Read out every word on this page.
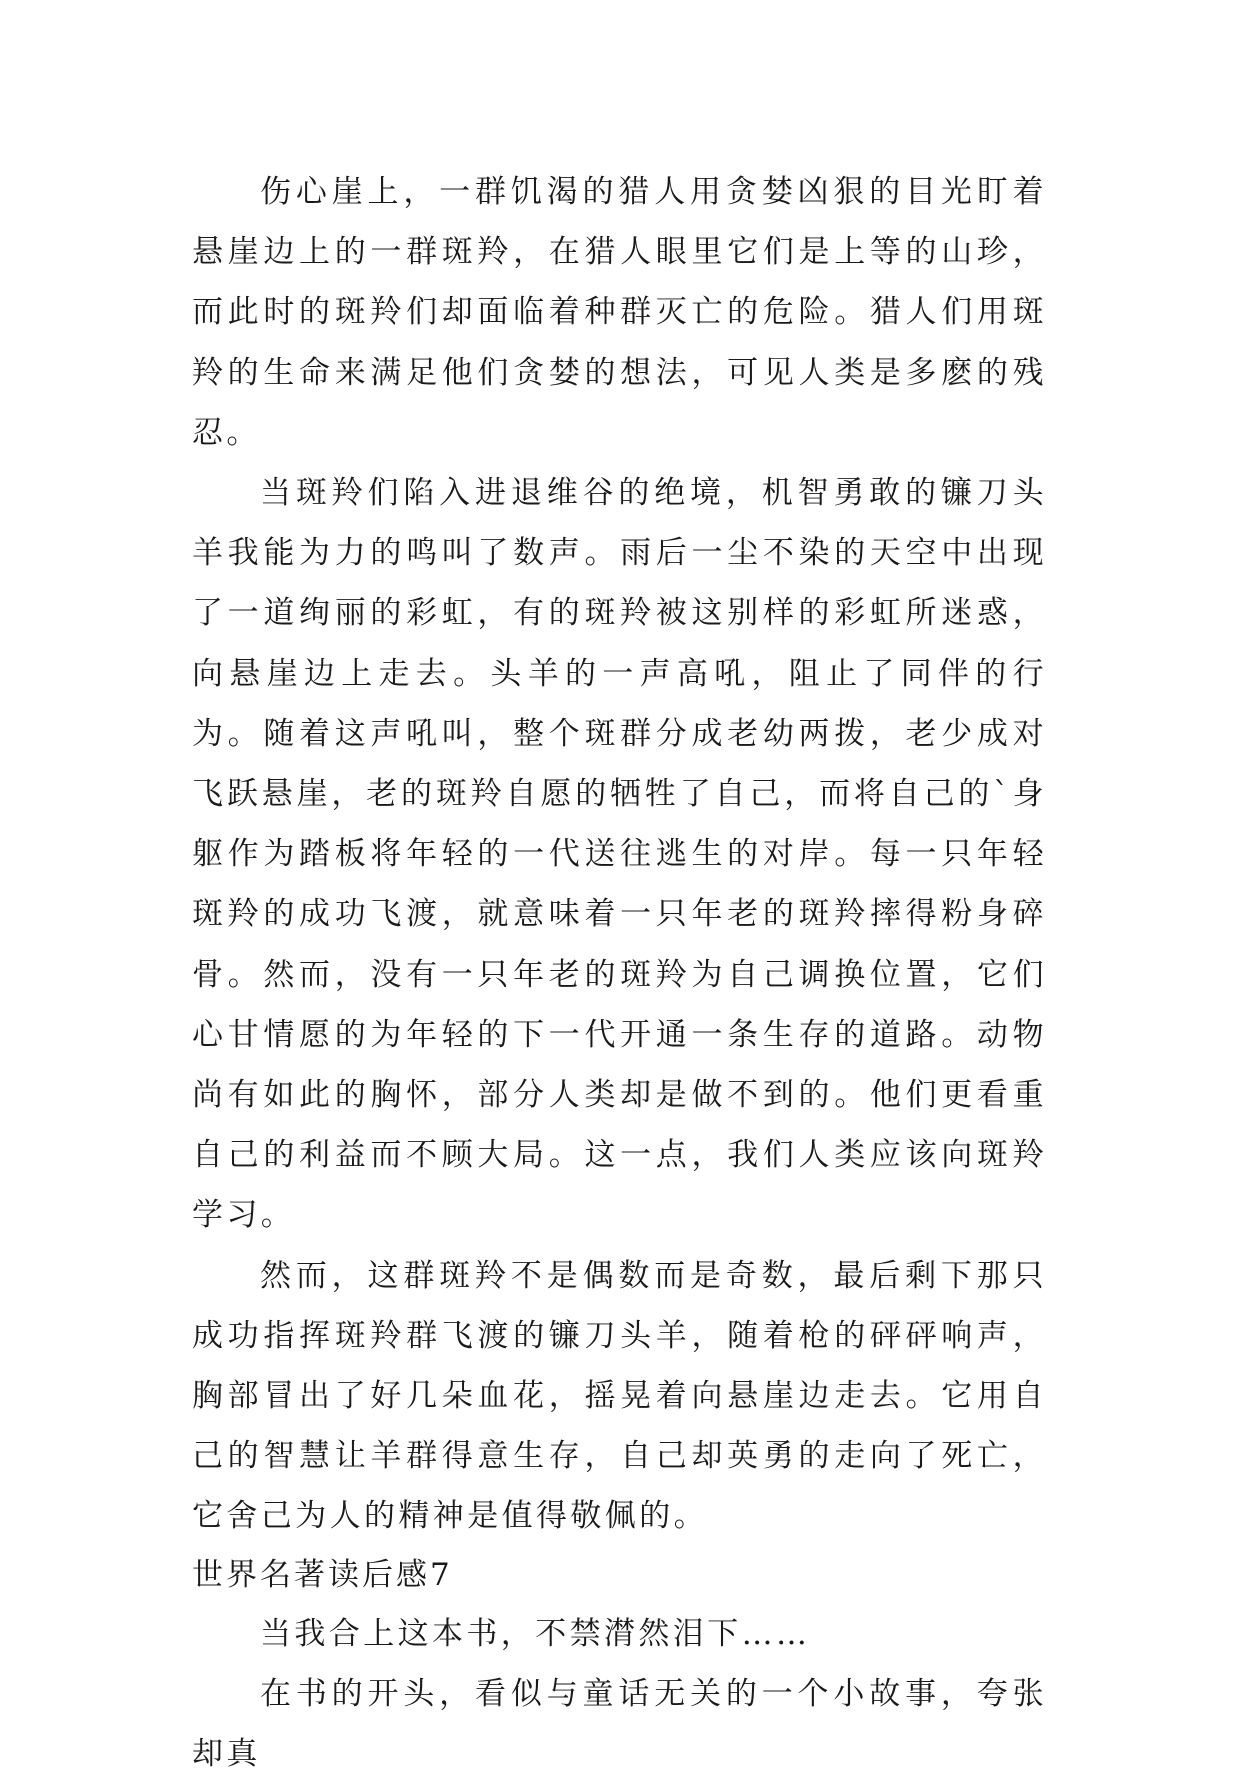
伤心崖上，一群饥渴的猎人用贪婪凶狠的目光盯着悬崖边上的一群斑羚，在猎人眼里它们是上等的山珍，而此时的斑羚们却面临着种群灭亡的危险。猎人们用斑羚的生命来满足他们贪婪的想法，可见人类是多麽的残忍。

当斑羚们陷入进退维谷的绝境，机智勇敢的镰刀头羊我能为力的鸣叫了数声。雨后一尘不染的天空中出现了一道绚丽的彩虹，有的斑羚被这别样的彩虹所迷惑，向悬崖边上走去。头羊的一声高吼，阻止了同伴的行为。随着这声吼叫，整个斑群分成老幼两拨，老少成对飞跃悬崖，老的斑羚自愿的牺牲了自己，而将自己的`身躯作为踏板将年轻的一代送往逃生的对岸。每一只年轻斑羚的成功飞渡，就意味着一只年老的斑羚摔得粉身碎骨。然而，没有一只年老的斑羚为自己调换位置，它们心甘情愿的为年轻的下一代开通一条生存的道路。动物尚有如此的胸怀，部分人类却是做不到的。他们更看重自己的利益而不顾大局。这一点，我们人类应该向斑羚学习。

然而，这群斑羚不是偶数而是奇数，最后剩下那只成功指挥斑羚群飞渡的镰刀头羊，随着枪的砰砰响声，胸部冒出了好几朵血花，摇晃着向悬崖边走去。它用自己的智慧让羊群得意生存，自己却英勇的走向了死亡，它舍己为人的精神是值得敬佩的。

世界名著读后感7

当我合上这本书，不禁潸然泪下……

在书的开头，看似与童话无关的一个小故事，夸张却真
